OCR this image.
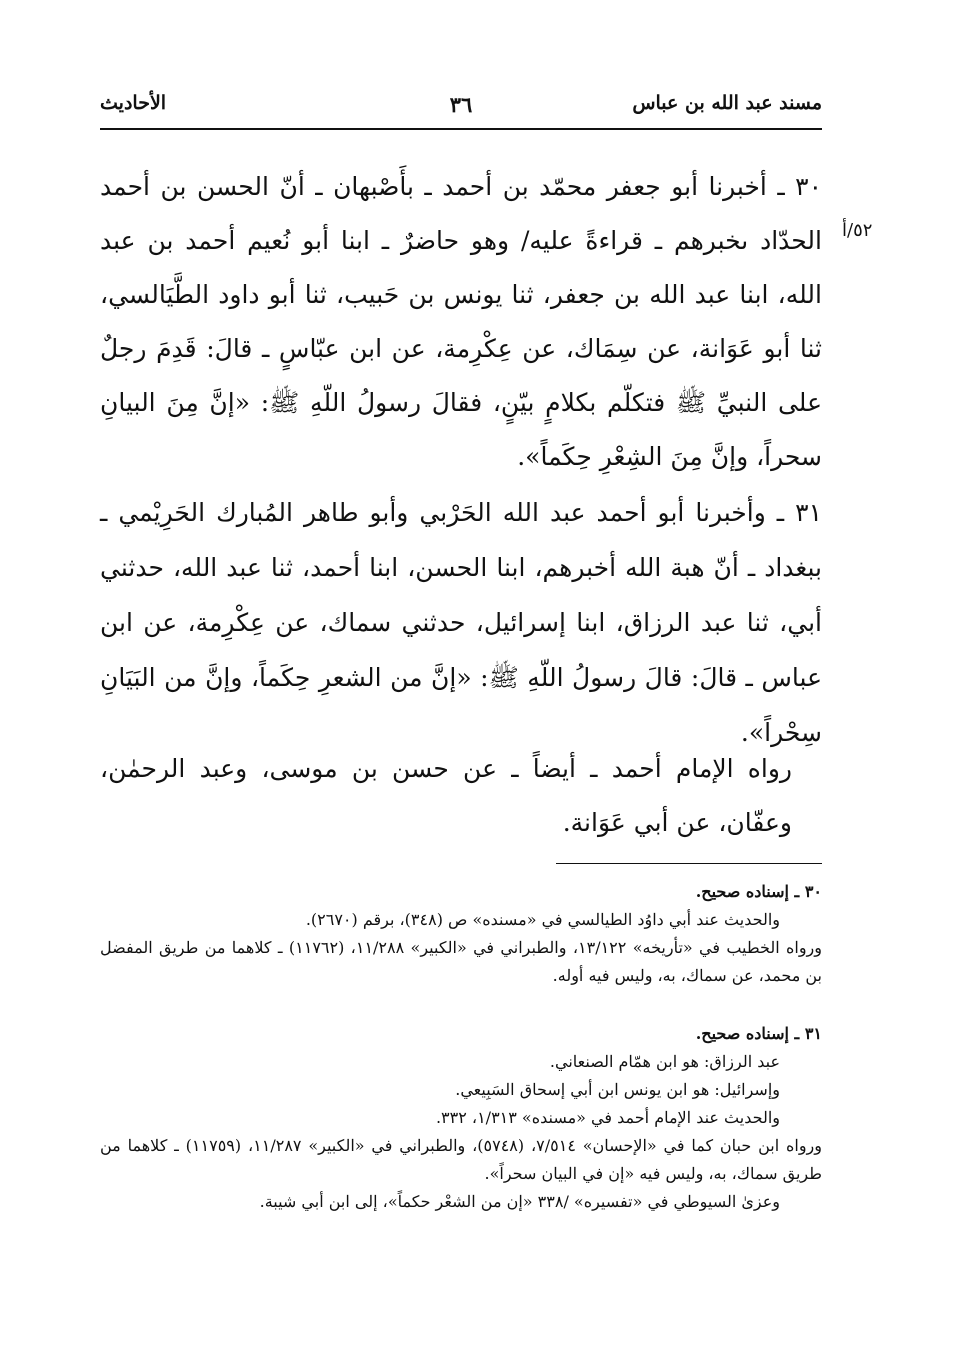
مسند عبد الله بن عباس
٣٦
الأحاديث
٥٢/أ

٣٠ ـ أخبرنا أبو جعفر محمّد بن أحمد ـ بأَصْبهان ـ أنّ الحسن بن أحمد الحدّاد ىخبرهم ـ قراءةً عليه/ وهو حاضرٌ ـ ابنا أبو نُعيم أحمد بن عبد الله، ابنا عبد الله بن جعفر، ثنا يونس بن حَبيب، ثنا أبو داود الطَّيَالسي، ثنا أبو عَوَانة، عن سِمَاك، عن عِكْرِمة، عن ابن عبّاسٍ ـ قالَ: قَدِمَ رجلٌ على النبيِّ ﷺ فتكلّم بكلامٍ بيّنٍ، فقالَ رسولُ اللّهِ ﷺ: «إنَّ مِنَ البيانِ سحراً، وإنَّ مِنَ الشِعْرِ حِكَماً».

٣١ ـ وأخبرنا أبو أحمد عبد الله الحَرْبي وأبو طاهر المُبارك الحَرِيْمي ـ ببغداد ـ أنّ هبة الله أخبرهم، ابنا الحسن، ابنا أحمد، ثنا عبد الله، حدثني أبي، ثنا عبد الرزاق، ابنا إسرائيل، حدثني سماك، عن عِكْرِمة، عن ابن عباس ـ قالَ: قالَ رسولُ اللّهِ ﷺ: «إنَّ من الشعرِ حِكَماً، وإنَّ من البَيَانِ سِحْراً».

رواه الإمام أحمد ـ أيضاً ـ عن حسن بن موسى، وعبد الرحمٰن، وعفّان، عن أبي عَوَانة.

٣٠ ـ إسناده صحيح.
والحديث عند أبي داوُد الطيالسي في «مسنده» ص (٣٤٨)، برقم (٢٦٧٠).
ورواه الخطيب في «تأريخه» ١٣/١٢٢، والطبراني في «الكبير» ١١/٢٨٨، (١١٧٦٢) ـ كلاهما من طريق المفضل بن محمد، عن سماك، به، وليس فيه أوله.
٣١ ـ إسناده صحيح.
عبد الرزاق: هو ابن همّام الصنعاني.
وإسرائيل: هو ابن يونس ابن أبي إسحاق السَبِيعي.
والحديث عند الإمام أحمد في «مسنده» ١/٣١٣، ٣٣٢.
ورواه ابن حبان كما في «الإحسان» ٧/٥١٤، (٥٧٤٨)، والطبراني في «الكبير» ١١/٢٨٧، (١١٧٥٩) ـ كلاهما من طريق سماك، به، وليس فيه «إن في البيان سحراً».
وعزىٰ السيوطي في «تفسيره» /٣٣٨ «إن من الشعْر حكماً»، إلى ابن أبي شيبة.
